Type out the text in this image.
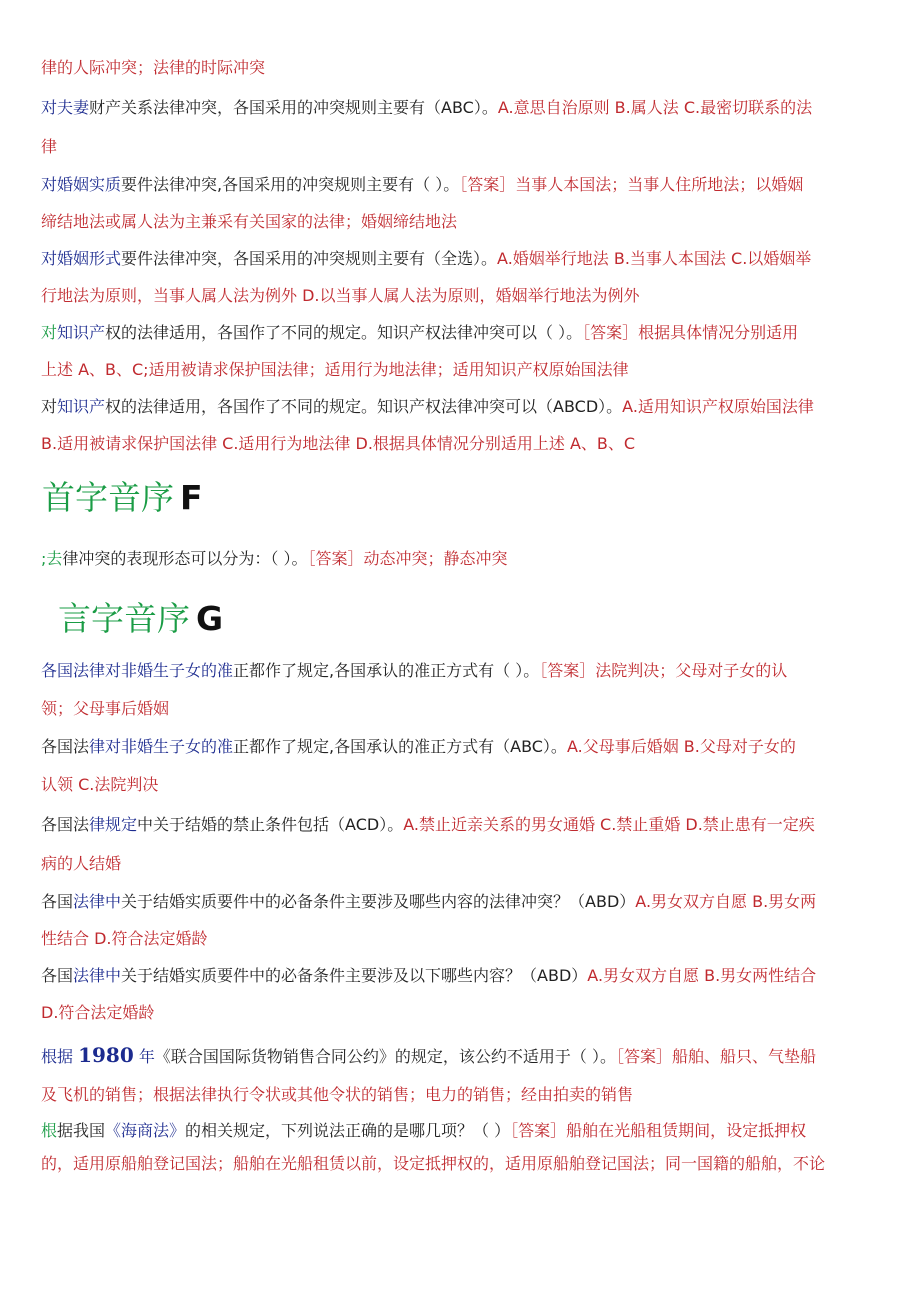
律的人际冲突；法律的时际冲突
对夫妻财产关系法律冲突，各国采用的冲突规则主要有（ABC）。A.意思自治原则 B.属人法 C.最密切联系的法
律
对婚姻实质要件法律冲突,各国采用的冲突规则主要有（ ）。［答案］当事人本国法；当事人住所地法；以婚姻
缔结地法或属人法为主兼采有关国家的法律；婚姻缔结地法
对婚姻形式要件法律冲突，各国采用的冲突规则主要有（全选）。A.婚姻举行地法 B.当事人本国法 C.以婚姻举
行地法为原则，当事人属人法为例外 D.以当事人属人法为原则，婚姻举行地法为例外
对知识产权的法律适用，各国作了不同的规定。知识产权法律冲突可以（ ）。［答案］根据具体情况分别适用
上述 A、B、C;适用被请求保护国法律；适用行为地法律；适用知识产权原始国法律
对知识产权的法律适用，各国作了不同的规定。知识产权法律冲突可以（ABCD）。A.适用知识产权原始国法律
B.适用被请求保护国法律 C.适用行为地法律 D.根据具体情况分别适用上述 A、B、C
首字音序 F
;去律冲突的表现形态可以分为：（ ）。［答案］动态冲突；静态冲突
言字音序 G
各国法律对非婚生子女的准正都作了规定,各国承认的准正方式有（ ）。［答案］法院判决；父母对子女的认
领；父母事后婚姻
各国法律对非婚生子女的准正都作了规定,各国承认的准正方式有（ABC）。A.父母事后婚姻 B.父母对子女的
认领 C.法院判决
各国法律规定中关于结婚的禁止条件包括（ACD）。A.禁止近亲关系的男女通婚 C.禁止重婚 D.禁止患有一定疾
病的人结婚
各国法律中关于结婚实质要件中的必备条件主要涉及哪些内容的法律冲突？（ABD）A.男女双方自愿 B.男女两
性结合 D.符合法定婚龄
各国法律中关于结婚实质要件中的必备条件主要涉及以下哪些内容？（ABD）A.男女双方自愿 B.男女两性结合
D.符合法定婚龄
根据 1980 年《联合国国际货物销售合同公约》的规定，该公约不适用于（ ）。［答案］船舶、船只、气垫船
及飞机的销售；根据法律执行令状或其他令状的销售；电力的销售；经由拍卖的销售
根据我国《海商法》的相关规定，下列说法正确的是哪几项？（ ）［答案］船舶在光船租赁期间，设定抵押权
的，适用原船舶登记国法；船舶在光船租赁以前，设定抵押权的，适用原船舶登记国法；同一国籍的船舶，不论
